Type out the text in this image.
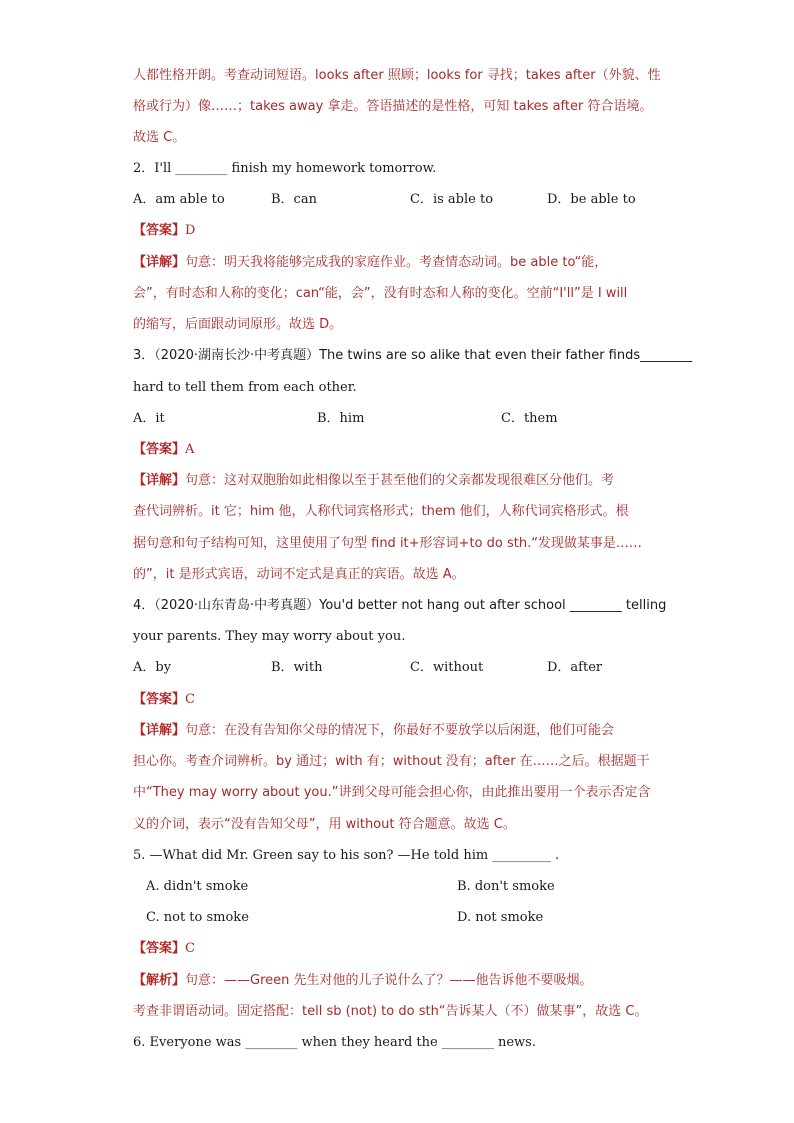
人都性格开朗。考查动词短语。looks after 照顾；looks for 寻找；takes after（外貌、性
格或行为）像……；takes away 拿走。答语描述的是性格，可知 takes after 符合语境。
故选 C。
2．I'll ________ finish my homework tomorrow.
A．am able to	B．can	C．is able to	D．be able to
【答案】D
【详解】句意：明天我将能够完成我的家庭作业。考查情态动词。be able to“能，
会”，有时态和人称的变化；can“能，会”，没有时态和人称的变化。空前“I'll”是 I will
的缩写，后面跟动词原形。故选 D。
3．（2020·湖南长沙·中考真题）The twins are so alike that even their father finds________
hard to tell them from each other.
A．it	B．him	C．them
【答案】A
【详解】句意：这对双胞胎如此相像以至于甚至他们的父亲都发现很难区分他们。考
查代词辨析。it 它；him 他，人称代词宾格形式；them 他们，人称代词宾格形式。根
据句意和句子结构可知，这里使用了句型 find it+形容词+to do sth.“发现做某事是……
的”，it 是形式宾语，动词不定式是真正的宾语。故选 A。
4．（2020·山东青岛·中考真题）You'd better not hang out after school ________ telling
your parents. They may worry about you.
A．by	B．with	C．without	D．after
【答案】C
【详解】句意：在没有告知你父母的情况下，你最好不要放学以后闲逛，他们可能会
担心你。考查介词辨析。by 通过；with 有；without 没有；after 在……之后。根据题干
中“They may worry about you.”讲到父母可能会担心你，由此推出要用一个表示否定含
义的介词，表示“没有告知父母”，用 without 符合题意。故选 C。
5. —What did Mr. Green say to his son? —He told him _________ .
A. didn't smoke	B. don't smoke
C. not to smoke	D. not smoke
【答案】C
【解析】句意：——Green 先生对他的儿子说什么了？——他告诉他不要吸烟。
考查非谓语动词。固定搭配：tell sb (not) to do sth“告诉某人（不）做某事”，故选 C。
6. Everyone was ________ when they heard the ________ news.
